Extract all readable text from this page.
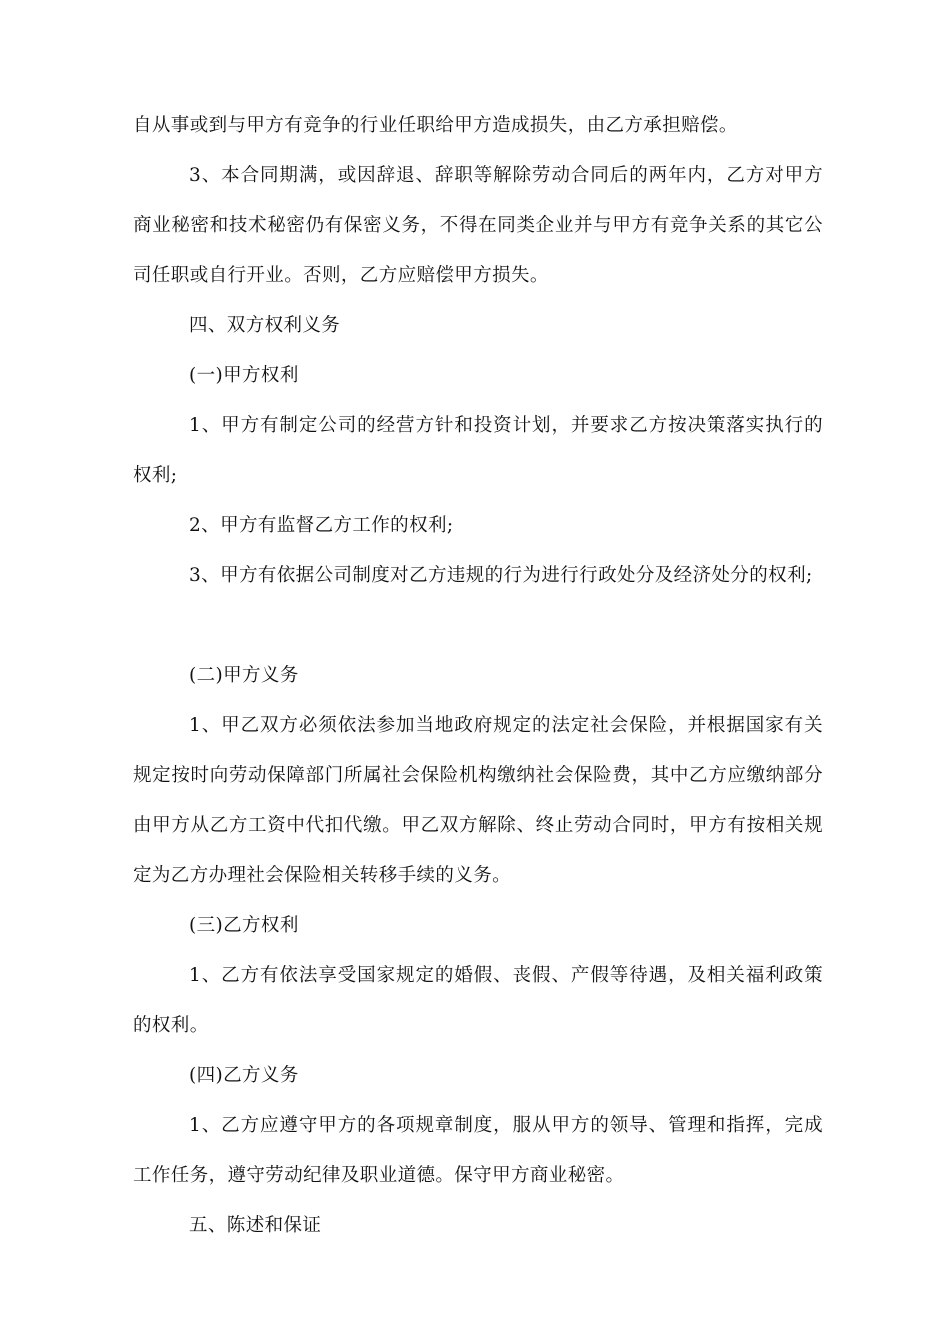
自从事或到与甲方有竞争的行业任职给甲方造成损失，由乙方承担赔偿。

3、本合同期满，或因辞退、辞职等解除劳动合同后的两年内，乙方对甲方商业秘密和技术秘密仍有保密义务，不得在同类企业并与甲方有竞争关系的其它公司任职或自行开业。否则，乙方应赔偿甲方损失。

四、双方权利义务

(一)甲方权利

1、甲方有制定公司的经营方针和投资计划，并要求乙方按决策落实执行的权利;

2、甲方有监督乙方工作的权利;

3、甲方有依据公司制度对乙方违规的行为进行行政处分及经济处分的权利;

(二)甲方义务

1、甲乙双方必须依法参加当地政府规定的法定社会保险，并根据国家有关规定按时向劳动保障部门所属社会保险机构缴纳社会保险费，其中乙方应缴纳部分由甲方从乙方工资中代扣代缴。甲乙双方解除、终止劳动合同时，甲方有按相关规定为乙方办理社会保险相关转移手续的义务。

(三)乙方权利

1、乙方有依法享受国家规定的婚假、丧假、产假等待遇，及相关福利政策的权利。

(四)乙方义务

1、乙方应遵守甲方的各项规章制度，服从甲方的领导、管理和指挥，完成工作任务，遵守劳动纪律及职业道德。保守甲方商业秘密。

五、陈述和保证
